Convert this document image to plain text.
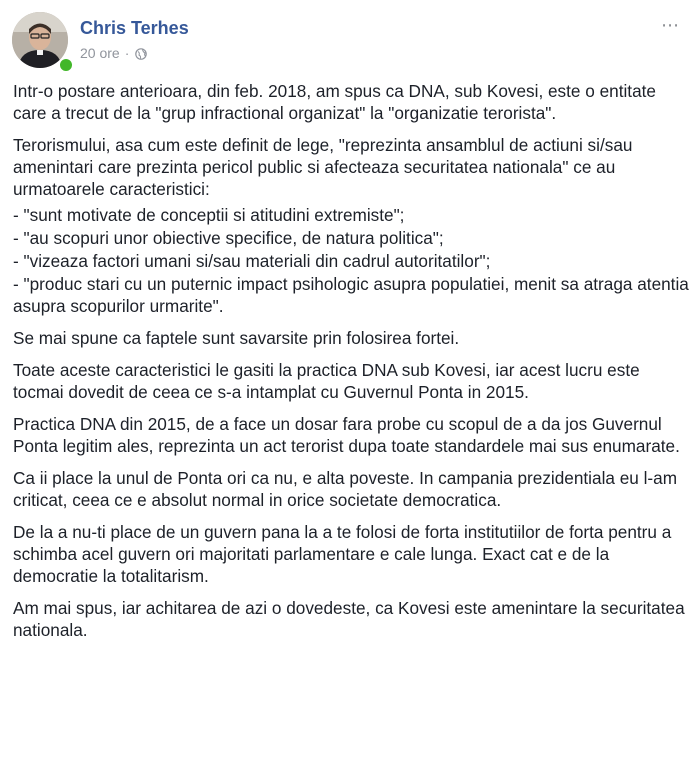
Chris Terhes
20 ore ·
⋯

Intr-o postare anterioara, din feb. 2018, am spus ca DNA, sub Kovesi, este o entitate care a trecut de la "grup infractional organizat" la "organizatie terorista".

Terorismului, asa cum este definit de lege, "reprezinta ansamblul de actiuni si/sau amenintari care prezinta pericol public si afecteaza securitatea nationala" ce au urmatoarele caracteristici:

- "sunt motivate de conceptii si atitudini extremiste";

- "au scopuri unor obiective specifice, de natura politica";

- "vizeaza factori umani si/sau materiali din cadrul autoritatilor";

- "produc stari cu un puternic impact psihologic asupra populatiei, menit sa atraga atentia asupra scopurilor urmarite".

Se mai spune ca faptele sunt savarsite prin folosirea fortei.

Toate aceste caracteristici le gasiti la practica DNA sub Kovesi, iar acest lucru este tocmai dovedit de ceea ce s-a intamplat cu Guvernul Ponta in 2015.

Practica DNA din 2015, de a face un dosar fara probe cu scopul de a da jos Guvernul Ponta legitim ales, reprezinta un act terorist dupa toate standardele mai sus enumarate.

Ca ii place la unul de Ponta ori ca nu, e alta poveste. In campania prezidentiala eu l-am criticat, ceea ce e absolut normal in orice societate democratica.

De la a nu-ti place de un guvern pana la a te folosi de forta institutiilor de forta pentru a schimba acel guvern ori majoritati parlamentare e cale lunga. Exact cat e de la democratie la totalitarism.

Am mai spus, iar achitarea de azi o dovedeste, ca Kovesi este amenintare la securitatea nationala.
